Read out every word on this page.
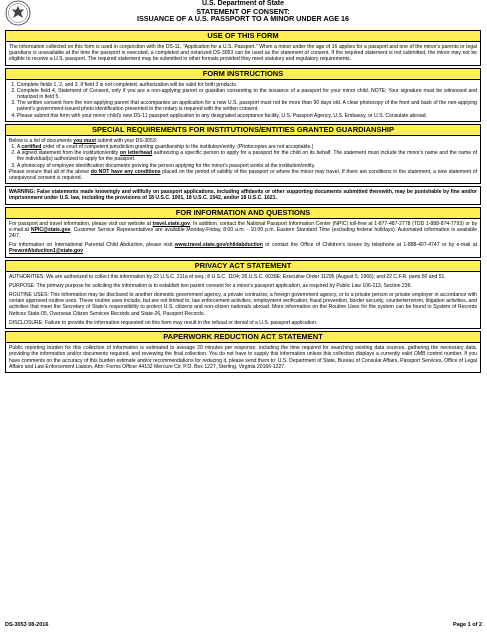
U.S. Department of State
STATEMENT OF CONSENT:
ISSUANCE OF A U.S. PASSPORT TO A MINOR UNDER AGE 16
USE OF THIS FORM

The information collected on this form is used in conjunction with the DS-11, "Application for a U.S. Passport." When a minor under the age of 16 applies for a passport and one of the minor's parents or legal guardians is unavailable at the time the passport is executed, a completed and notarized DS-3053 can be used as the statement of consent. If the required statement is not submitted, the minor may not be eligible to receive a U.S. passport. The required statement may be submitted in other formats provided they meet statutory and regulatory requirements.

FORM INSTRUCTIONS
1. Complete fields 1, 2, and 3. If field 3 is not completed, authorization will be valid for both products.
2. Complete field 4, Statement of Consent, only if you are a non-applying parent or guardian consenting to the issuance of a passport for your minor child. NOTE: Your signature must be witnessed and notarized in field 5.
3. The written consent from the non-applying parent that accompanies an application for a new U.S. passport must not be more than 90 days old. A clear photocopy of the front and back of the non-applying parent's government-issued photo identification presented to the notary is required with the written consent.
4. Please submit this form with your minor child's new DS-11 passport application to any designated acceptance facility, U.S. Passport Agency, U.S. Embassy, or U.S. Consulate abroad.
SPECIAL REQUIREMENTS FOR INSTITUTIONS/ENTITIES GRANTED GUARDIANSHIP
Below is a list of documents you must submit with your DS-3053:
1. A certified order of a court of competent jurisdiction granting guardianship to the institution/entity. (Photocopies are not acceptable.)
2. A signed statement from the institution/entity on letterhead authorizing a specific person to apply for a passport for the child on its behalf. The statement must include the minor's name and the name of the individual(s) authorized to apply for the passport.
3. A photocopy of employee identification documents proving the person applying for the minor's passport works at the institution/entity.
Please ensure that all of the above do NOT have any conditions placed on the period of validity of the passport or where the minor may travel. If there are conditions in the statement, a new statement of unequivocal consent is required.
WARNING: False statements made knowingly and willfully on passport applications, including affidavits or other supporting documents submitted therewith, may be punishable by fine and/or imprisonment under U.S. law, including the provisions of 18 U.S.C. 1001, 18 U.S.C. 1542, and/or 18 U.S.C. 1621.
FOR INFORMATION AND QUESTIONS

For passport and travel information, please visit our website at travel.state.gov. In addition, contact the National Passport Information Center (NPIC) toll-free at 1-877-487-2778 (TDD 1-888-874-7793) or by e-mail at NPIC@state.gov. Customer Service Representatives are available Monday-Friday, 8:00 a.m. - 10:00 p.m. Eastern Standard Time (excluding federal holidays). Automated information is available 24/7.

For information on International Parental Child Abduction, please visit www.travel.state.gov/childabduction or contact the Office of Children's Issues by telephone at 1-888-407-4747 or by e-mail at PreventAbduction1@state.gov

PRIVACY ACT STATEMENT

AUTHORITIES: We are authorized to collect this information by 22 U.S.C. 211a et seq.; 8 U.S.C. 1104; 26 U.S.C. 6039E; Executive Order 11295 (August 5, 1966); and 22 C.F.R. parts 50 and 51.

PURPOSE: The primary purpose for soliciting the information is to establish two parent consent for a minor's passport application, as required by Public Law 106-113, Section 236.

ROUTINE USES: This information may be disclosed to another domestic government agency, a private contractor, a foreign government agency, or to a private person or private employer in accordance with certain approved routine uses. These routine uses include, but are not limited to, law enforcement activities, employment verification, fraud prevention, border security, counterterrorism, litigation activities, and activities that meet the Secretary of State's responsibility to protect U.S. citizens and non-citizen nationals abroad. More information on the Routine Uses for the system can be found in System of Records Notices State-05, Overseas Citizen Services Records and State-26, Passport Records.

DISCLOSURE: Failure to provide the information requested on this form may result in the refusal or denial of a U.S. passport application.

PAPERWORK REDUCTION ACT STATEMENT

Public reporting burden for this collection of information is estimated to average 20 minutes per response, including the time required for searching existing data sources, gathering the necessary data, providing the information and/or documents required, and reviewing the final collection. You do not have to supply this information unless this collection displays a currently valid OMB control number. If you have comments on the accuracy of this burden estimate and/or recommendations for reducing it, please send them to: U.S. Department of State, Bureau of Consular Affairs, Passport Services, Office of Legal Affairs and Law Enforcement Liaison, Attn: Forms Officer 44132 Mercure Cir, P.O. Box 1227, Sterling, Virginia 20166-1227.

DS-3053 08-2016	Page 1 of 2
